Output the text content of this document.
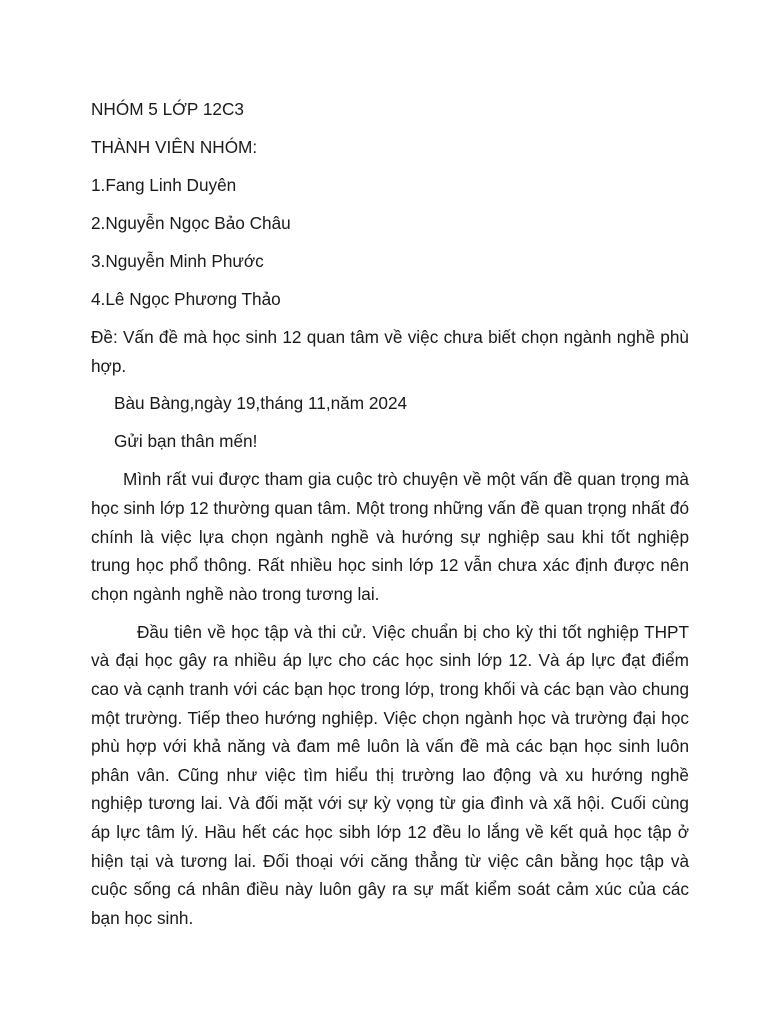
NHÓM 5 LỚP 12C3
THÀNH VIÊN NHÓM:
1.Fang Linh Duyên
2.Nguyễn Ngọc Bảo Châu
3.Nguyễn Minh Phước
4.Lê Ngọc Phương Thảo
Đề: Vấn đề mà học sinh 12 quan tâm về việc chưa biết chọn ngành nghề phù hợp.
Bàu Bàng,ngày 19,tháng 11,năm 2024
Gửi bạn thân mến!
Mình rất vui được tham gia cuộc trò chuyện về một vấn đề quan trọng mà học sinh lớp 12 thường quan tâm. Một trong những vấn đề quan trọng nhất đó chính là việc lựa chọn ngành nghề và hướng sự nghiệp sau khi tốt nghiệp trung học phổ thông. Rất nhiều học sinh lớp 12 vẫn chưa xác định được nên chọn ngành nghề nào trong tương lai.
Đầu tiên về học tập và thi cử. Việc chuẩn bị cho kỳ thi tốt nghiệp THPT và đại học gây ra nhiều áp lực cho các học sinh lớp 12. Và áp lực đạt điểm cao và cạnh tranh với các bạn học trong lớp, trong khối và các bạn vào chung một trường. Tiếp theo hướng nghiệp. Việc chọn ngành học và trường đại học phù hợp với khả năng và đam mê luôn là vấn đề mà các bạn học sinh luôn phân vân. Cũng như việc tìm hiểu thị trường lao động và xu hướng nghề nghiệp tương lai. Và đối mặt với sự kỳ vọng từ gia đình và xã hội. Cuối cùng áp lực tâm lý. Hầu hết các học sibh lớp 12 đều lo lắng về kết quả học tập ở hiện tại và tương lai. Đối thoại với căng thẳng từ việc cân bằng học tập và cuộc sống cá nhân điều này luôn gây ra sự mất kiểm soát cảm xúc của các bạn học sinh.
